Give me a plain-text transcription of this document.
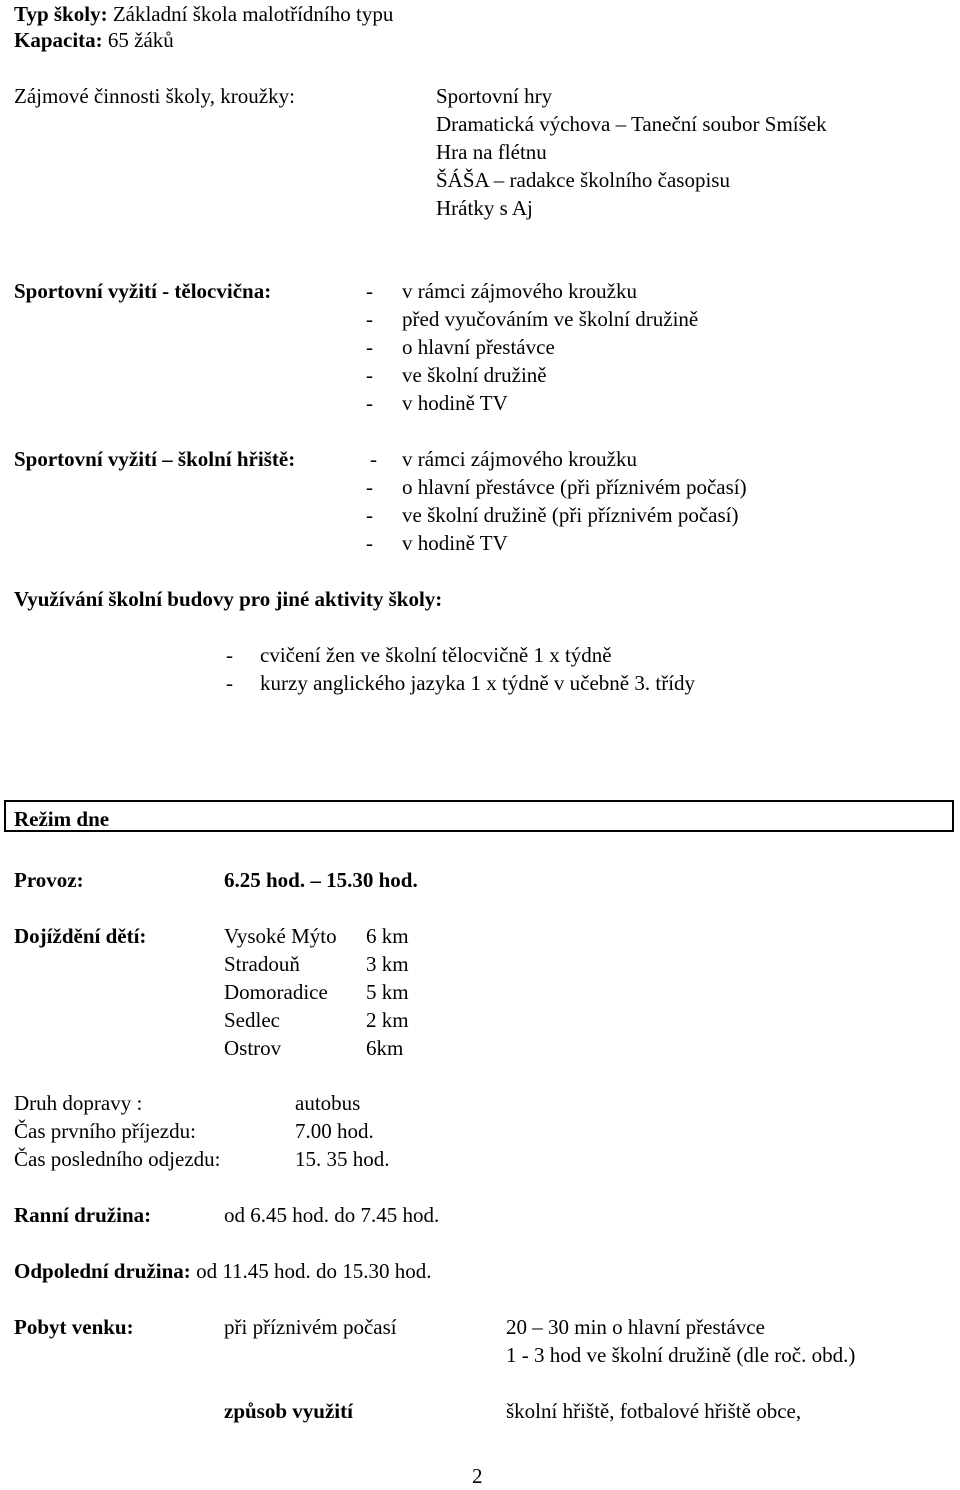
Typ školy: Základní škola malotřídního typu
Kapacita: 65 žáků
Zájmové činnosti školy, kroužky:	Sportovní hry
Dramatická výchova – Taneční soubor Smíšek
Hra na flétnu
ŠÁŠA – radakce školního časopisu
Hrátky s Aj
Sportovní vyžití - tělocvična:	- v rámci zájmového kroužku
- před vyučováním ve školní družině
- o hlavní přestávce
- ve školní družině
- v hodině TV
Sportovní vyžití – školní hřiště:	- v rámci zájmového kroužku
- o hlavní přestávce (při příznivém počasí)
- ve školní družině (při příznivém počasí)
- v hodině TV
Využívání školní budovy pro jiné aktivity školy:
- cvičení žen ve školní tělocvičně 1 x týdně
- kurzy anglického jazyka 1 x týdně v učebně 3. třídy
Režim dne
Provoz:	6.25 hod. – 15.30 hod.
Dojíždění dětí:	Vysoké Mýto 6 km
Stradouň	3 km
Domoradice 5 km
Sedlec	2 km
Ostrov	6km
Druh dopravy :	autobus
Čas prvního příjezdu:	7.00 hod.
Čas posledního odjezdu:	15. 35 hod.
Ranní družina:	od 6.45 hod. do 7.45 hod.
Odpolední družina: od 11.45 hod. do 15.30 hod.
Pobyt venku:	při příznivém počasí	20 – 30 min o hlavní přestávce
1 - 3 hod ve školní družině (dle roč. obd.)
způsob využití	školní hřiště, fotbalové hřiště obce,
2
